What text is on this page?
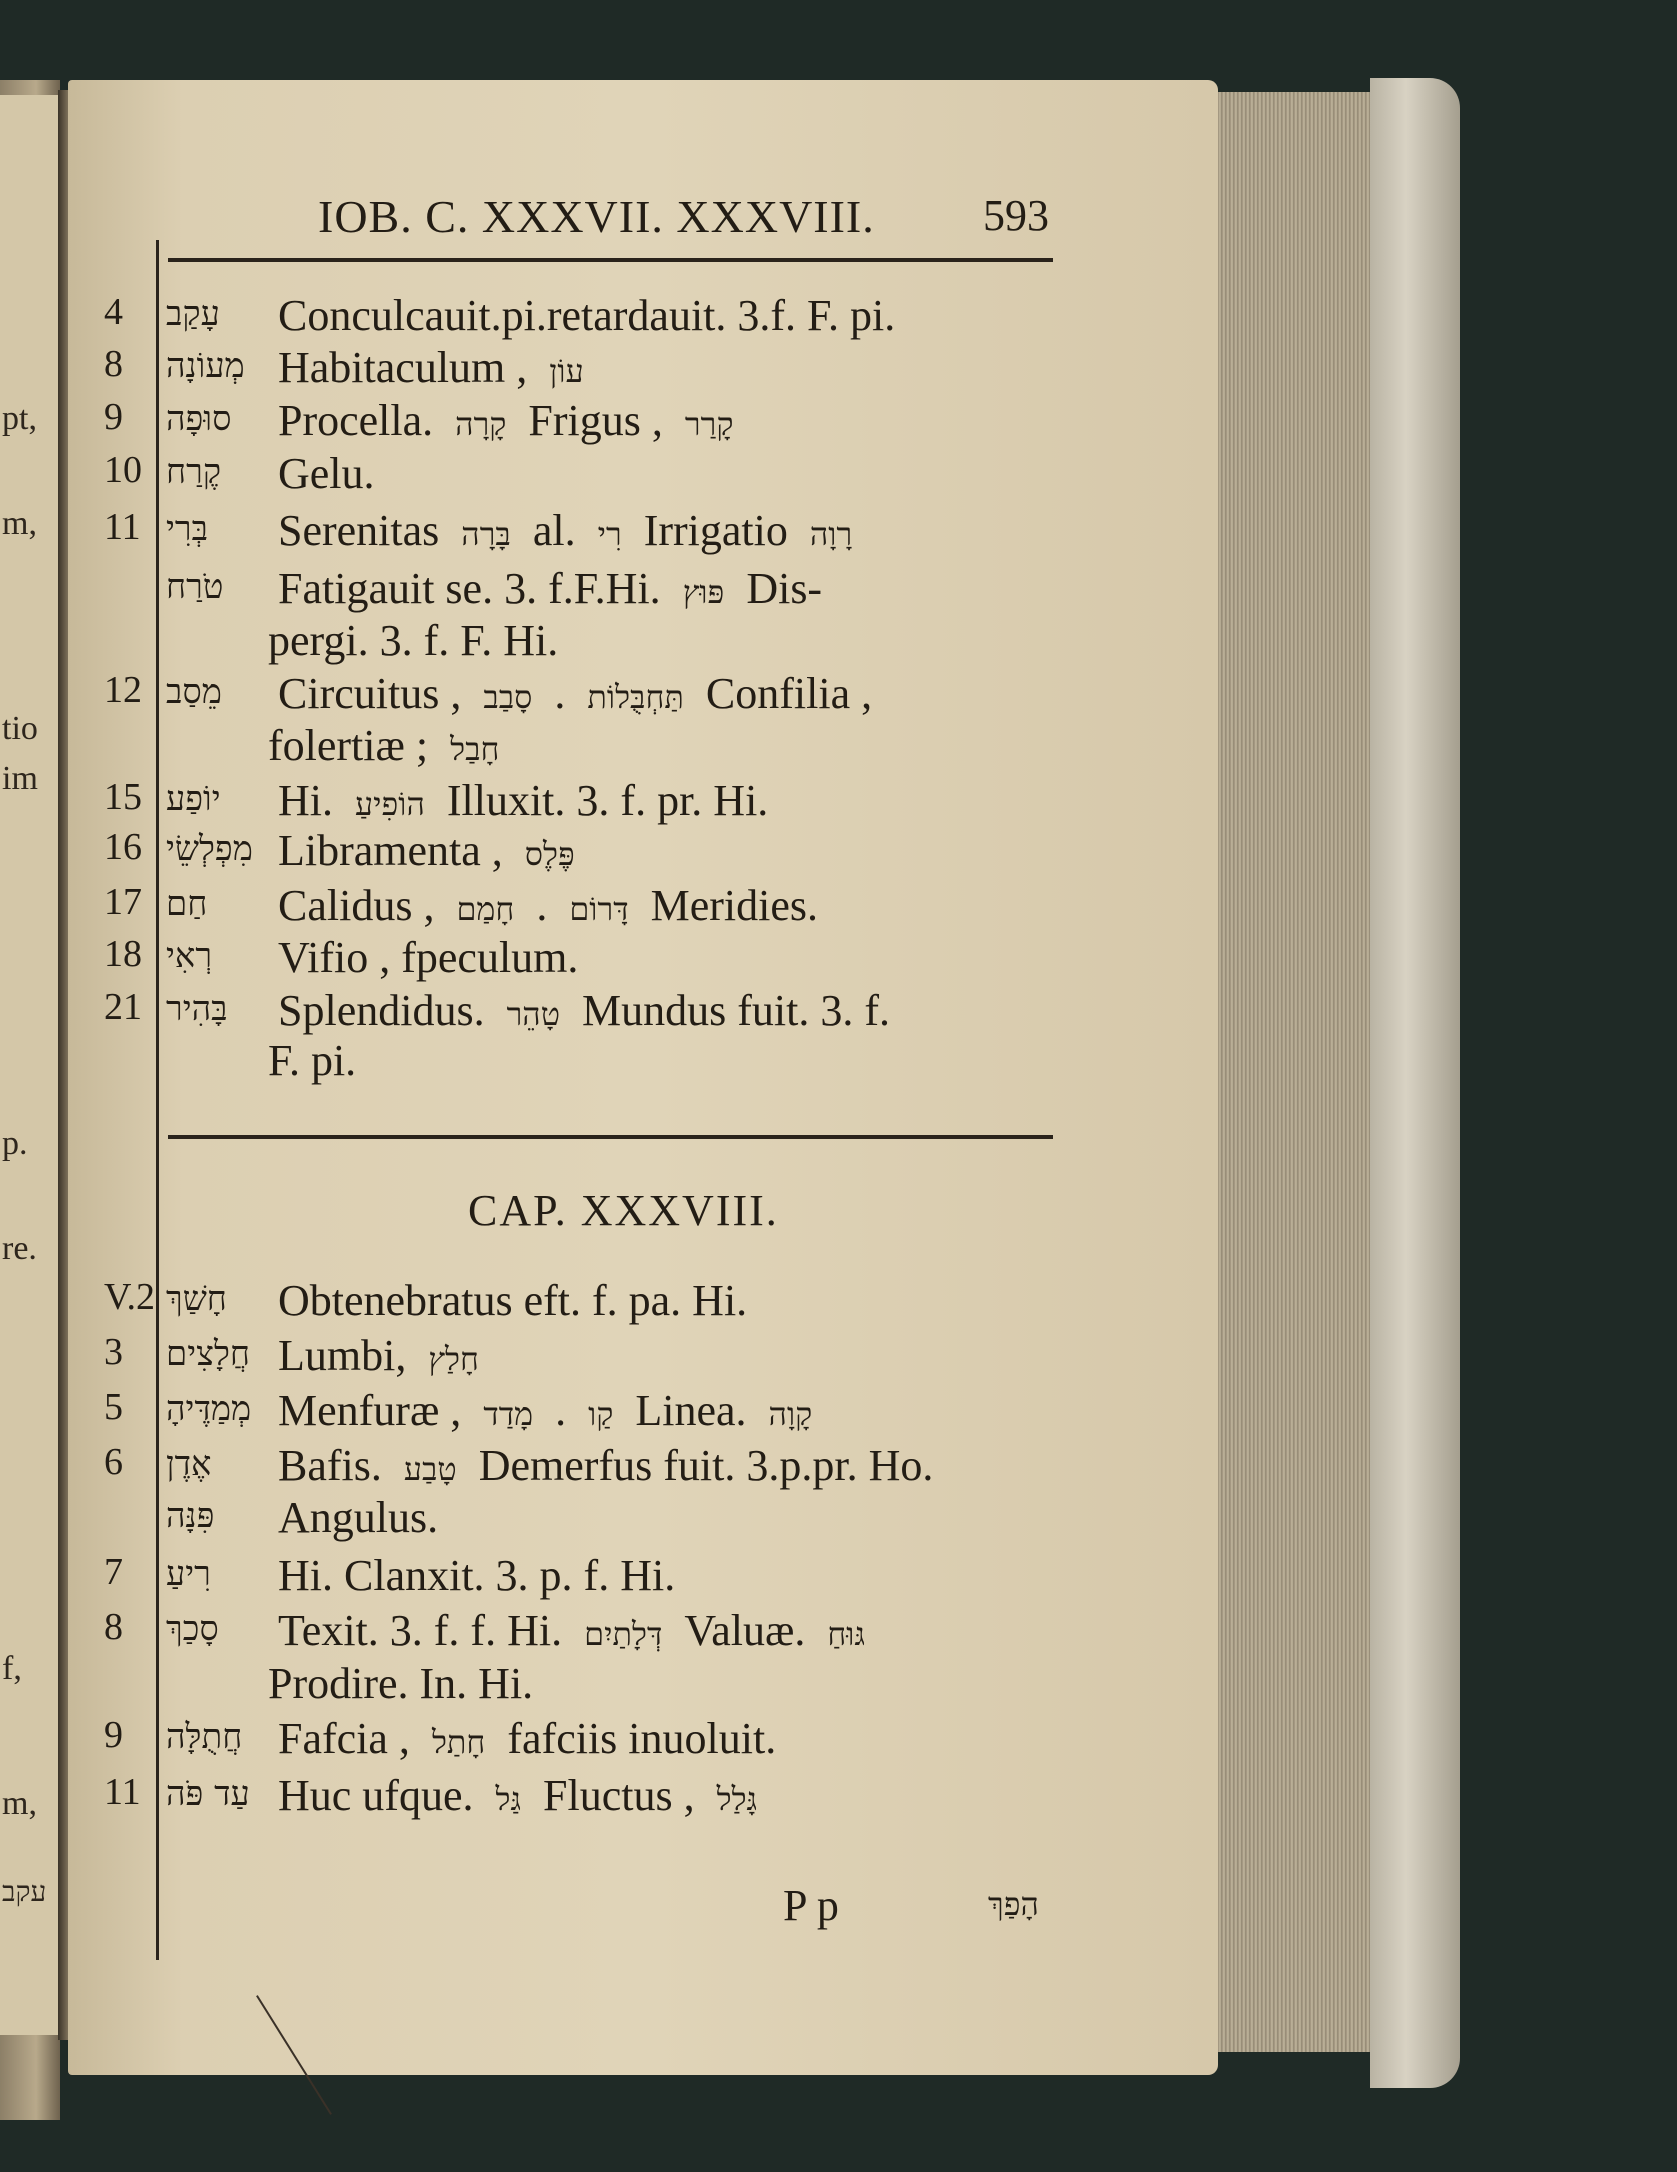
pt,
m,
tio
im
p.
re.
f,
m,
עקב
IOB. C. XXXVII. XXXVIII. 593
4 עָקַב Conculcauit.pi.retardauit. 3.f. F. pi.
8 מְעוֹנָה Habitaculum , עוֹן
9 סוּפָה Procella. קָרָה Frigus , קָרַר
10 קֶרַח Gelu.
11 בְּרִי Serenitas בָּרָה al. רִי Irrigatio רָוָה
טֹרַח Fatigauit se. 3. f.F.Hi. פּוּץ Dis-
pergi. 3. f. F. Hi.
12 מֵסַב Circuitus , סָבַב . תַּחְבֻּלוֹת Confilia ,
folertiæ ; חָבַל
15 יוֹפַע Hi. הוֹפִיעַ Illuxit. 3. f. pr. Hi.
16 מִפְלְשֵׂי Libramenta , פֶּלֶס
17 חַם Calidus , חָמַם . דָּרוֹם Meridies.
18 רְאִי Vifio , fpeculum.
21 בָּהִיר Splendidus. טָהֵר Mundus fuit. 3. f.
F. pi.
CAP. XXXVIII.
V.2 חָשַׁךְ Obtenebratus eft. f. pa. Hi.
3 חֲלָצִים Lumbi, חָלַץ
5 מְמַדֶּיהָ Menfuræ , מָדַד . קַו Linea. קָוָה
6 אֶדֶן Bafis. טָבַע Demerfus fuit. 3.p.pr. Ho.
פִּנָּה Angulus.
7 רִיעַ Hi. Clanxit. 3. p. f. Hi.
8 סָכַךְ Texit. 3. f. f. Hi. דְּלָתַיִם Valuæ. גּוּחַ
Prodire. In. Hi.
9 חֲתֻלָּה Fafcia , חָתַל fafciis inuoluit.
11 עַד פֹּה Huc ufque. גַּל Fluctus , גָּלַל
P p	הָפַךְ
